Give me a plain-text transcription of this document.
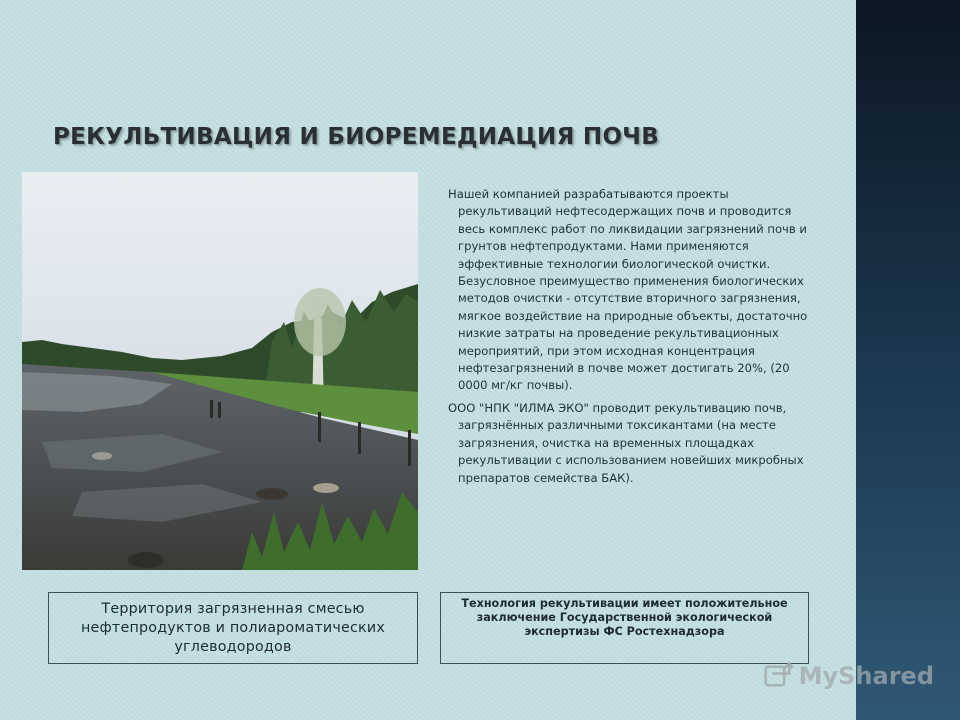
РЕКУЛЬТИВАЦИЯ И БИОРЕМЕДИАЦИЯ ПОЧВ

Нашей компанией разрабатываются проекты рекультиваций нефтесодержащих почв и проводится весь комплекс работ по ликвидации загрязнений почв и грунтов нефтепродуктами. Нами применяются эффективные технологии биологической очистки. Безусловное преимущество применения биологических методов очистки - отсутствие вторичного загрязнения, мягкое воздействие на природные объекты, достаточно низкие затраты на проведение рекультивационных мероприятий, при этом исходная концентрация нефтезагрязнений в почве может достигать 20%, (20 0000 мг/кг почвы).

ООО "НПК "ИЛМА ЭКО" проводит рекультивацию почв, загрязнённых различными токсикантами (на месте загрязнения, очистка на временных площадках рекультивации с использованием новейших микробных препаратов семейства БАК).

Территория загрязненная смесью нефтепродуктов и полиароматических углеводородов
Технология рекультивации имеет положительное заключение Государственной экологической экспертизы ФС Ростехнадзора
MyShared
